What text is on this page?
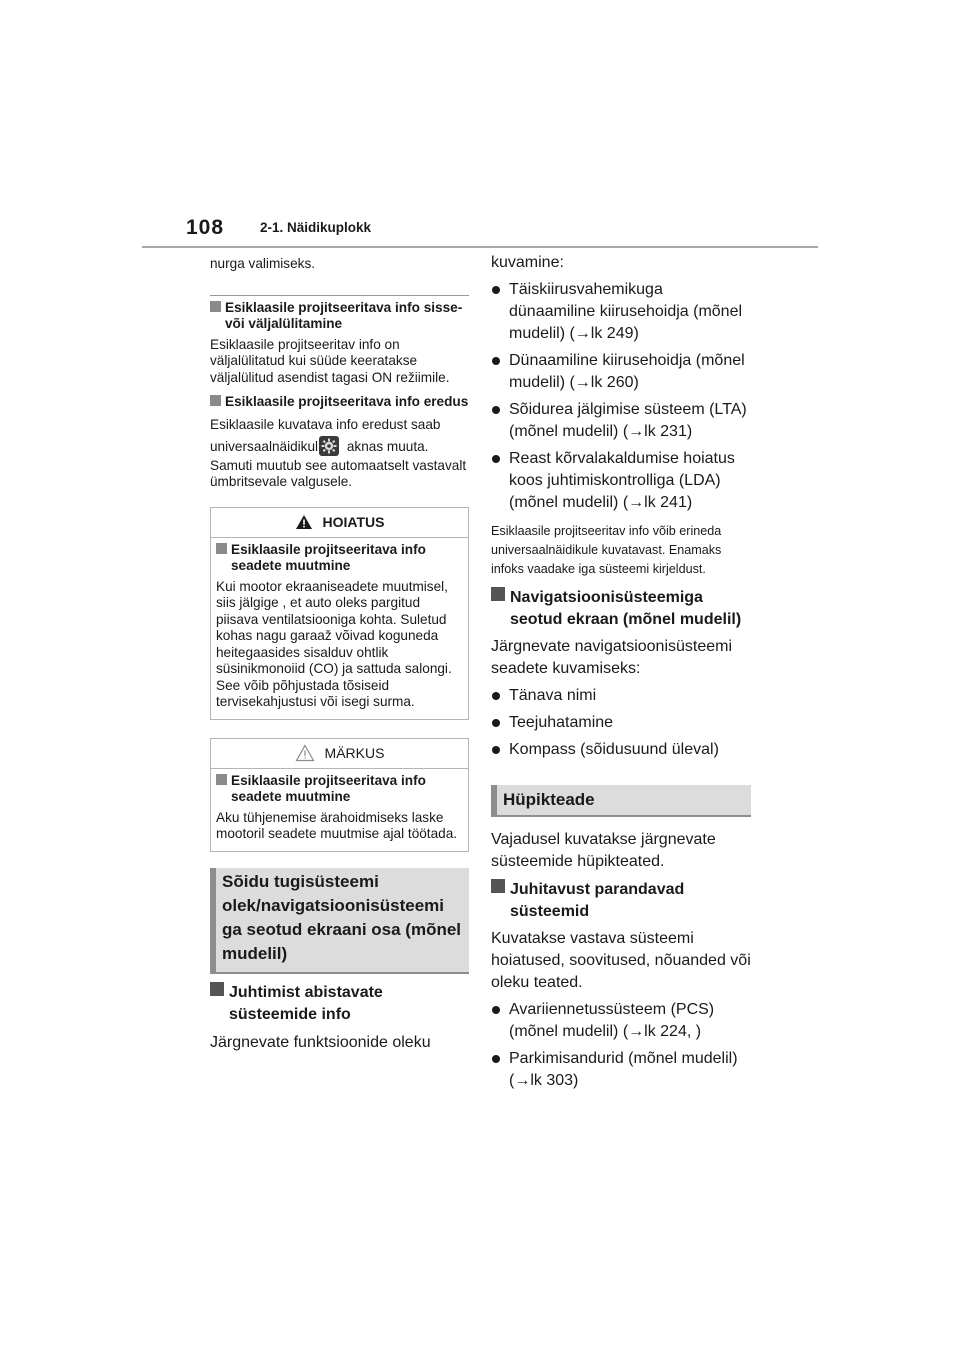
108	2-1. Näidikuplokk
nurga valimiseks.

Esiklaasile projitseeritava info sisse- või väljalülitamine

Esiklaasile projitseeritav info on väljalülitatud kui süüde keeratakse väljalülitud asendist tagasi ON režiimile.

Esiklaasile projitseeritava info eredus

Esiklaasile kuvatava info eredust saab universaalnäidikul aknas muuta.

Samuti muutub see automaatselt vastavalt ümbritsevale valgusele.

HOIATUS

Esiklaasile projitseeritava info seadete muutmine

Kui mootor ekraaniseadete muutmisel, siis jälgige , et auto oleks pargitud piisava ventilatsiooniga kohta. Suletud kohas nagu garaaž võivad koguneda heitegaasides sisalduv ohtlik süsinikmonoiid (CO) ja sattuda salongi. See võib põhjustada tõsiseid tervisekahjustusi või isegi surma.

MÄRKUS

Esiklaasile projitseeritava info seadete muutmine

Aku tühjenemise ärahoidmiseks laske mootoril seadete muutmise ajal töötada.

Sõidu tugisüsteemi olek/navigatsioonisüsteemi ga seotud ekraani osa (mõnel mudelil)

Juhtimist abistavate süsteemide info

Järgnevate funktsioonide oleku

kuvamine:
Täiskiirusvahemikuga dünaamiline kiirusehoidja (mõnel mudelil) (→lk 249)
Dünaamiline kiirusehoidja (mõnel mudelil) (→lk 260)
Sõidurea jälgimise süsteem (LTA) (mõnel mudelil) (→lk 231)
Reast kõrvalakaldumise hoiatus koos juhtimiskontrolliga (LDA) (mõnel mudelil) (→lk 241)
Esiklaasile projitseeritav info võib erineda universaalnäidikule kuvatavast. Enamaks infoks vaadake iga süsteemi kirjeldust.

Navigatsioonisüsteemiga seotud ekraan (mõnel mudelil)

Järgnevate navigatsioonisüsteemi seadete kuvamiseks:

Tänava nimi
Teejuhatamine
Kompass (sõidusuund üleval)
Hüpikteade
Vajadusel kuvatakse järgnevate süsteemide hüpikteated.

Juhitavust parandavad süsteemid

Kuvatakse vastava süsteemi hoiatused, soovitused, nõuanded või oleku teated.

Avariiennetussüsteem (PCS) (mõnel mudelil) (→lk 224, )
Parkimisandurid (mõnel mudelil) (→lk 303)
